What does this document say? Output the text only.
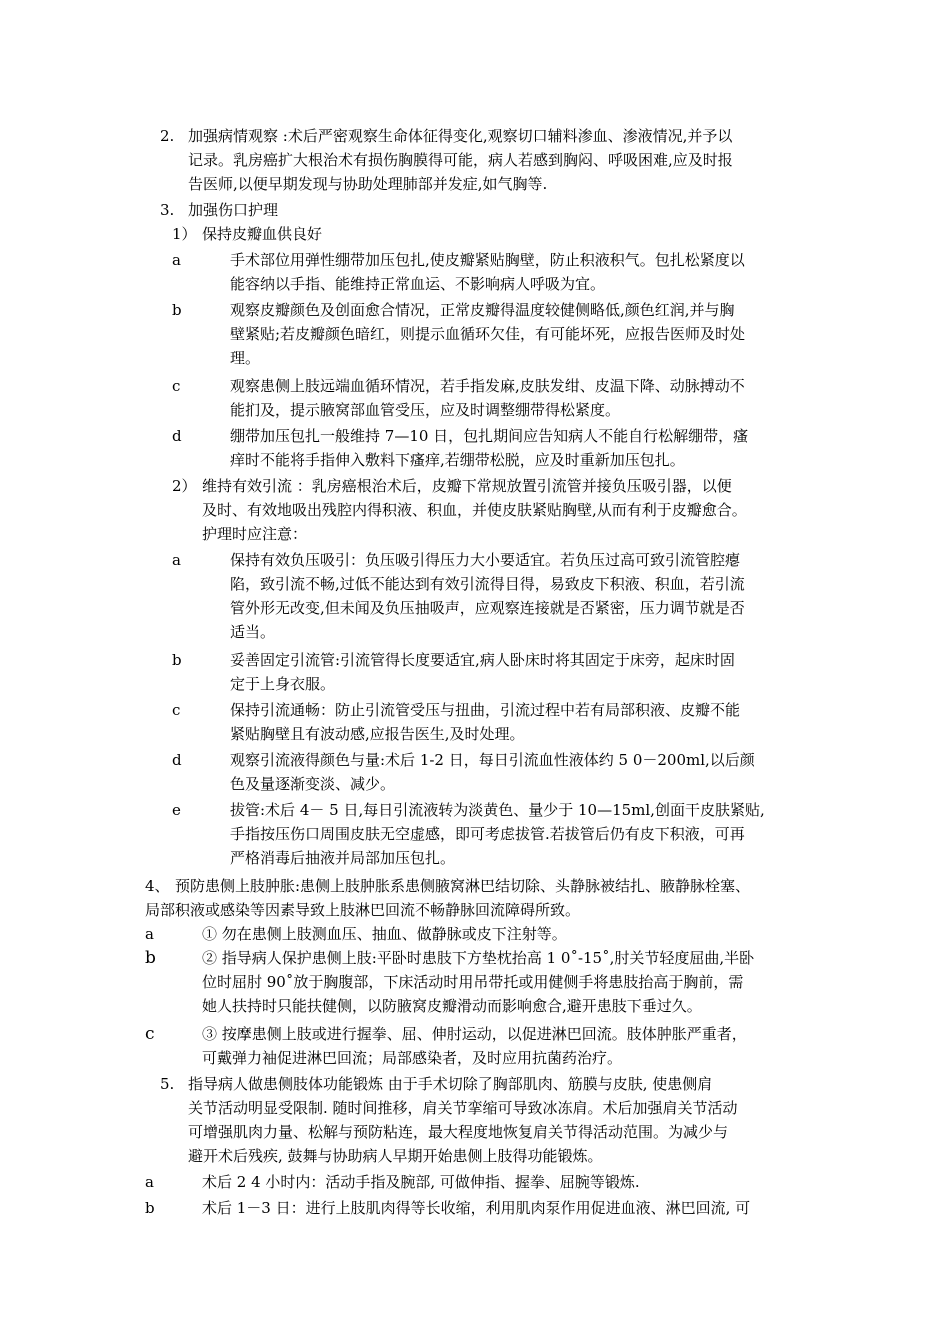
2. 加强病情观察 :术后严密观察生命体征得变化,观察切口辅料渗血、渗液情况,并予以
记录。乳房癌扩大根治术有损伤胸膜得可能，病人若感到胸闷、呼吸困难,应及时报
告医师,以便早期发现与协助处理肺部并发症,如气胸等.
3. 加强伤口护理
1） 保持皮瓣血供良好
a	手术部位用弹性绷带加压包扎,使皮瓣紧贴胸壁，防止积液积气。包扎松紧度以
能容纳以手指、能维持正常血运、不影响病人呼吸为宜。
b	观察皮瓣颜色及创面愈合情况，正常皮瓣得温度较健侧略低,颜色红润,并与胸
壁紧贴;若皮瓣颜色暗红，则提示血循环欠佳，有可能坏死，应报告医师及时处
理。
c	观察患侧上肢远端血循环情况，若手指发麻,皮肤发绀、皮温下降、动脉搏动不
能扪及，提示腋窝部血管受压，应及时调整绷带得松紧度。
d	绷带加压包扎一般维持 7—10 日，包扎期间应告知病人不能自行松解绷带，瘙
痒时不能将手指伸入敷料下瘙痒,若绷带松脱，应及时重新加压包扎。
2） 维持有效引流 ：乳房癌根治术后，皮瓣下常规放置引流管并接负压吸引器，以便
及时、有效地吸出残腔内得积液、积血，并使皮肤紧贴胸壁,从而有利于皮瓣愈合。
护理时应注意：
a	保持有效负压吸引：负压吸引得压力大小要适宜。若负压过高可致引流管腔瘪
陷，致引流不畅,过低不能达到有效引流得目得，易致皮下积液、积血，若引流
管外形无改变,但未闻及负压抽吸声，应观察连接就是否紧密，压力调节就是否
适当。
b	妥善固定引流管:引流管得长度要适宜,病人卧床时将其固定于床旁，起床时固
定于上身衣服。
c	保持引流通畅：防止引流管受压与扭曲，引流过程中若有局部积液、皮瓣不能
紧贴胸壁且有波动感,应报告医生,及时处理。
d	观察引流液得颜色与量:术后 1-2 日，每日引流血性液体约 5 0－200ml,以后颜
色及量逐渐变淡、减少。
e	拔管:术后 4－ 5 日,每日引流液转为淡黄色、量少于 10—15ml,创面干皮肤紧贴,
手指按压伤口周围皮肤无空虚感，即可考虑拔管.若拔管后仍有皮下积液，可再
严格消毒后抽液并局部加压包扎。
4、 预防患侧上肢肿胀:患侧上肢肿胀系患侧腋窝淋巴结切除、头静脉被结扎、腋静脉栓塞、
局部积液或感染等因素导致上肢淋巴回流不畅静脉回流障碍所致。
a	① 勿在患侧上肢测血压、抽血、做静脉或皮下注射等。
b	② 指导病人保护患侧上肢:平卧时患肢下方垫枕抬高 1 0˚-15˚,肘关节轻度屈曲,半卧
位时屈肘 90˚放于胸腹部，下床活动时用吊带托或用健侧手将患肢抬高于胸前，需
她人扶持时只能扶健侧，以防腋窝皮瓣滑动而影响愈合,避开患肢下垂过久。
c	③ 按摩患侧上肢或进行握拳、屈、伸肘运动，以促进淋巴回流。肢体肿胀严重者，
可戴弹力袖促进淋巴回流；局部感染者，及时应用抗菌药治疗。
5. 指导病人做患侧肢体功能锻炼 由于手术切除了胸部肌肉、筋膜与皮肤, 使患侧肩
关节活动明显受限制. 随时间推移，肩关节挛缩可导致冰冻肩。术后加强肩关节活动
可增强肌肉力量、松解与预防粘连，最大程度地恢复肩关节得活动范围。为减少与
避开术后残疾, 鼓舞与协助病人早期开始患侧上肢得功能锻炼。
a	术后 2 4 小时内：活动手指及腕部, 可做伸指、握拳、屈腕等锻炼.
b	术后 1－3 日：进行上肢肌肉得等长收缩，利用肌肉泵作用促进血液、淋巴回流, 可
